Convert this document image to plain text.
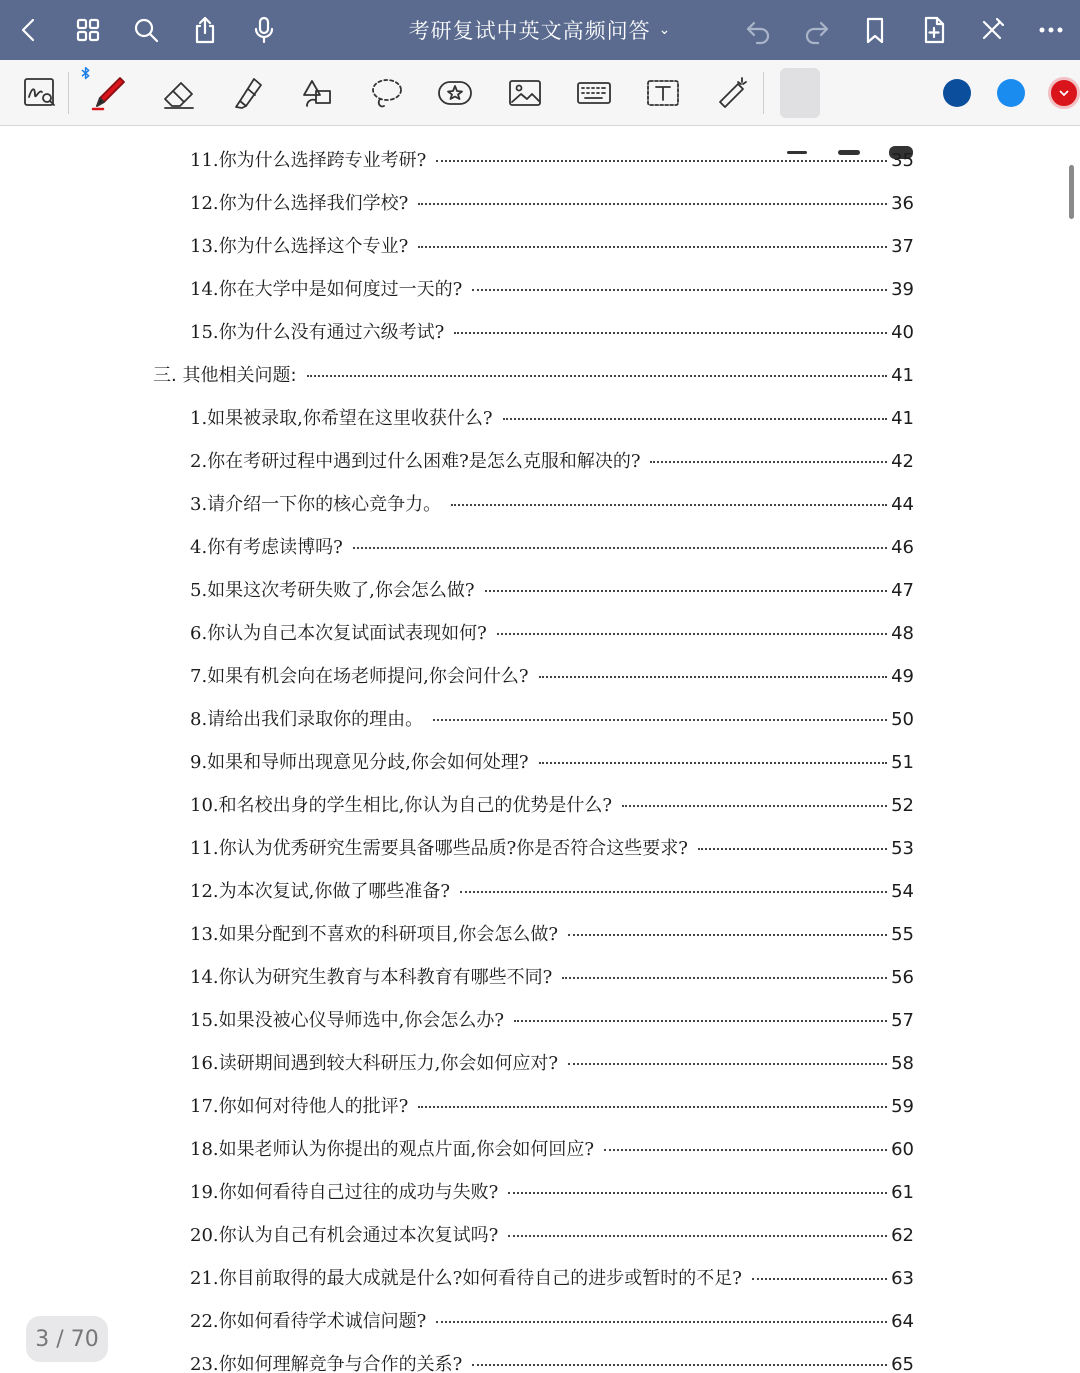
考研复试中英文高频问答 ⌄
11.你为什么选择跨专业考研?	35
12.你为什么选择我们学校?	36
13.你为什么选择这个专业?	37
14.你在大学中是如何度过一天的?	39
15.你为什么没有通过六级考试?	40
三. 其他相关问题:	41
1.如果被录取,你希望在这里收获什么?	41
2.你在考研过程中遇到过什么困难?是怎么克服和解决的?	42
3.请介绍一下你的核心竞争力。	44
4.你有考虑读博吗?	46
5.如果这次考研失败了,你会怎么做?	47
6.你认为自己本次复试面试表现如何?	48
7.如果有机会向在场老师提问,你会问什么?	49
8.请给出我们录取你的理由。	50
9.如果和导师出现意见分歧,你会如何处理?	51
10.和名校出身的学生相比,你认为自己的优势是什么?	52
11.你认为优秀研究生需要具备哪些品质?你是否符合这些要求?	53
12.为本次复试,你做了哪些准备?	54
13.如果分配到不喜欢的科研项目,你会怎么做?	55
14.你认为研究生教育与本科教育有哪些不同?	56
15.如果没被心仪导师选中,你会怎么办?	57
16.读研期间遇到较大科研压力,你会如何应对?	58
17.你如何对待他人的批评?	59
18.如果老师认为你提出的观点片面,你会如何回应?	60
19.你如何看待自己过往的成功与失败?	61
20.你认为自己有机会通过本次复试吗?	62
21.你目前取得的最大成就是什么?如何看待自己的进步或暂时的不足?	63
22.你如何看待学术诚信问题?	64
23.你如何理解竞争与合作的关系?	65
3 / 70
